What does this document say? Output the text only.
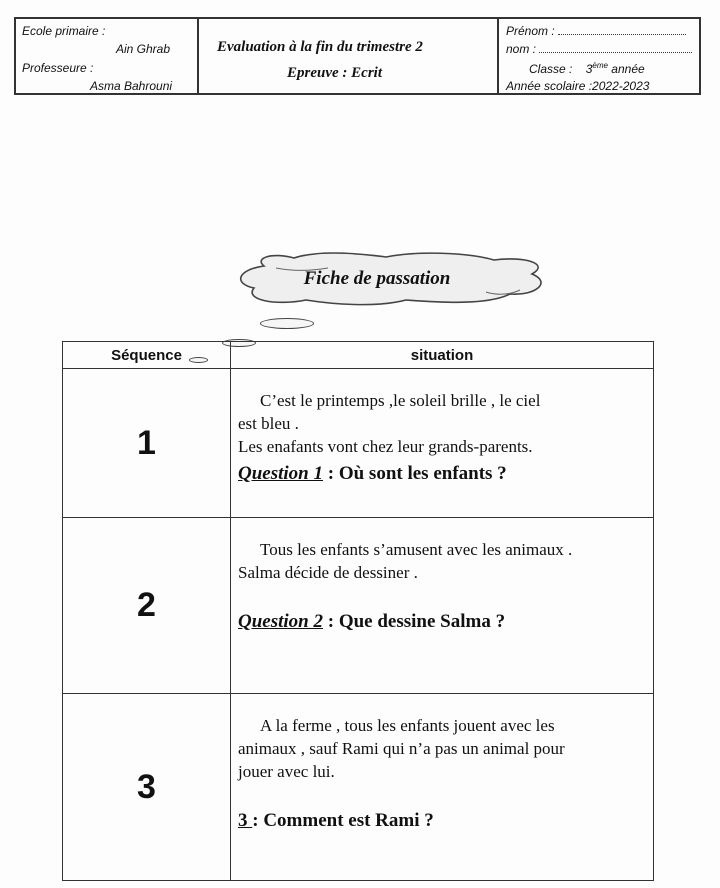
Ecole primaire :
Ain Ghrab
Professeure :
Asma Bahrouni
Evaluation à la fin du trimestre 2
Epreuve : Ecrit
Prénom :
nom :
Classe : 3ème année
Année scolaire :2022-2023
Fiche de passation
Séquence	situation
1
C’est le printemps ,le soleil brille , le ciel
est bleu .
Les enafants vont chez leur grands-parents.
Question 1 : Où sont les enfants ?
2
Tous les enfants s’amusent avec les animaux .
Salma décide de dessiner .
Question 2 : Que dessine Salma ?
3
A la ferme , tous les enfants jouent avec les
animaux , sauf Rami qui n’a pas un animal pour
jouer avec lui.
3 : Comment est Rami ?
